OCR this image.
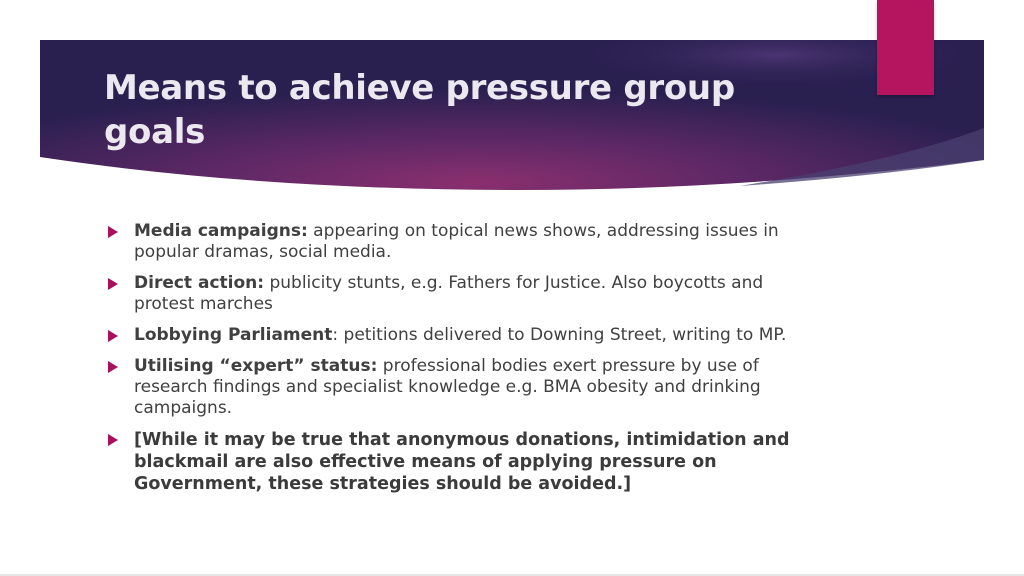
Means to achieve pressure group goals
Media campaigns: appearing on topical news shows, addressing issues in popular dramas, social media.
Direct action: publicity stunts, e.g. Fathers for Justice. Also boycotts and protest marches
Lobbying Parliament: petitions delivered to Downing Street, writing to MP.
Utilising “expert” status: professional bodies exert pressure by use of research findings and specialist knowledge e.g. BMA obesity and drinking campaigns.
[While it may be true that anonymous donations, intimidation and blackmail are also effective means of applying pressure on Government, these strategies should be avoided.]
